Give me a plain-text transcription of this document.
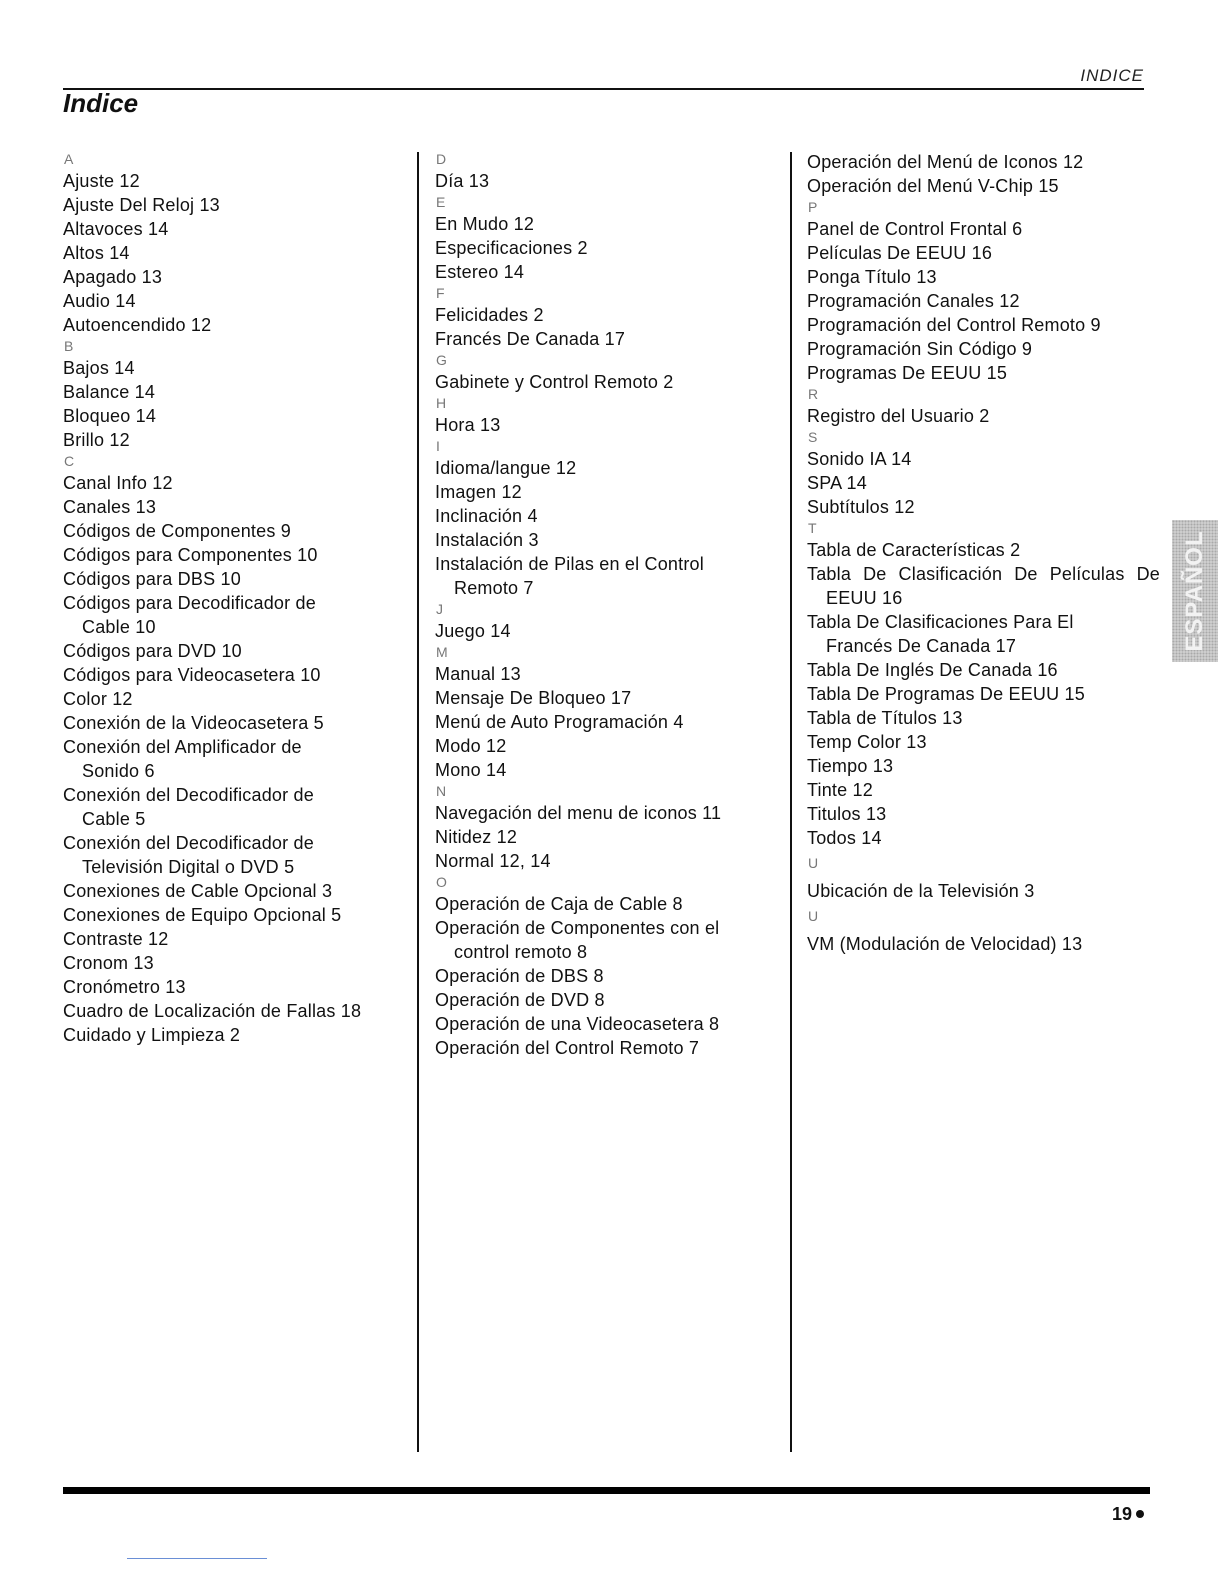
INDICE
Indice
A

Ajuste 12

Ajuste Del Reloj 13

Altavoces 14

Altos 14

Apagado 13

Audio 14

Autoencendido 12

B

Bajos 14

Balance 14

Bloqueo 14

Brillo 12

C

Canal Info 12

Canales 13

Códigos de Componentes 9

Códigos para Componentes 10

Códigos para DBS 10

Códigos para Decodificador de Cable 10

Códigos para DVD 10

Códigos para Videocasetera 10

Color 12

Conexión de la Videocasetera 5

Conexión del Amplificador de Sonido 6

Conexión del Decodificador de Cable 5

Conexión del Decodificador de Televisión Digital o DVD 5

Conexiones de Cable Opcional 3

Conexiones de Equipo Opcional 5

Contraste 12

Cronom 13

Cronómetro 13

Cuadro de Localización de Fallas 18

Cuidado y Limpieza 2

D

Día 13

E

En Mudo 12

Especificaciones 2

Estereo 14

F

Felicidades 2

Francés De Canada 17

G

Gabinete y Control Remoto 2

H

Hora 13

I

Idioma/langue 12

Imagen 12

Inclinación 4

Instalación 3

Instalación de Pilas en el Control Remoto 7

J

Juego 14

M

Manual 13

Mensaje De Bloqueo 17

Menú de Auto Programación 4

Modo 12

Mono 14

N

Navegación del menu de iconos 11

Nitidez 12

Normal 12, 14

O

Operación de Caja de Cable 8

Operación de Componentes con el control remoto 8

Operación de DBS 8

Operación de DVD 8

Operación de una Videocasetera 8

Operación del Control Remoto 7

Operación del Menú de Iconos 12

Operación del Menú V-Chip 15

P

Panel de Control Frontal 6

Películas De EEUU 16

Ponga Título 13

Programación Canales 12

Programación del Control Remoto 9

Programación Sin Código 9

Programas De EEUU 15

R

Registro del Usuario 2

S

Sonido IA 14

SPA 14

Subtítulos 12

T

Tabla de Características 2

Tabla De Clasificación De Películas De EEUU 16

Tabla De Clasificaciones Para El Francés De Canada 17

Tabla De Inglés De Canada 16

Tabla De Programas De EEUU 15

Tabla de Títulos 13

Temp Color 13

Tiempo 13

Tinte 12

Titulos 13

Todos 14

U

Ubicación de la Televisión 3

U

VM (Modulación de Velocidad) 13

ESPAÑOL
19
